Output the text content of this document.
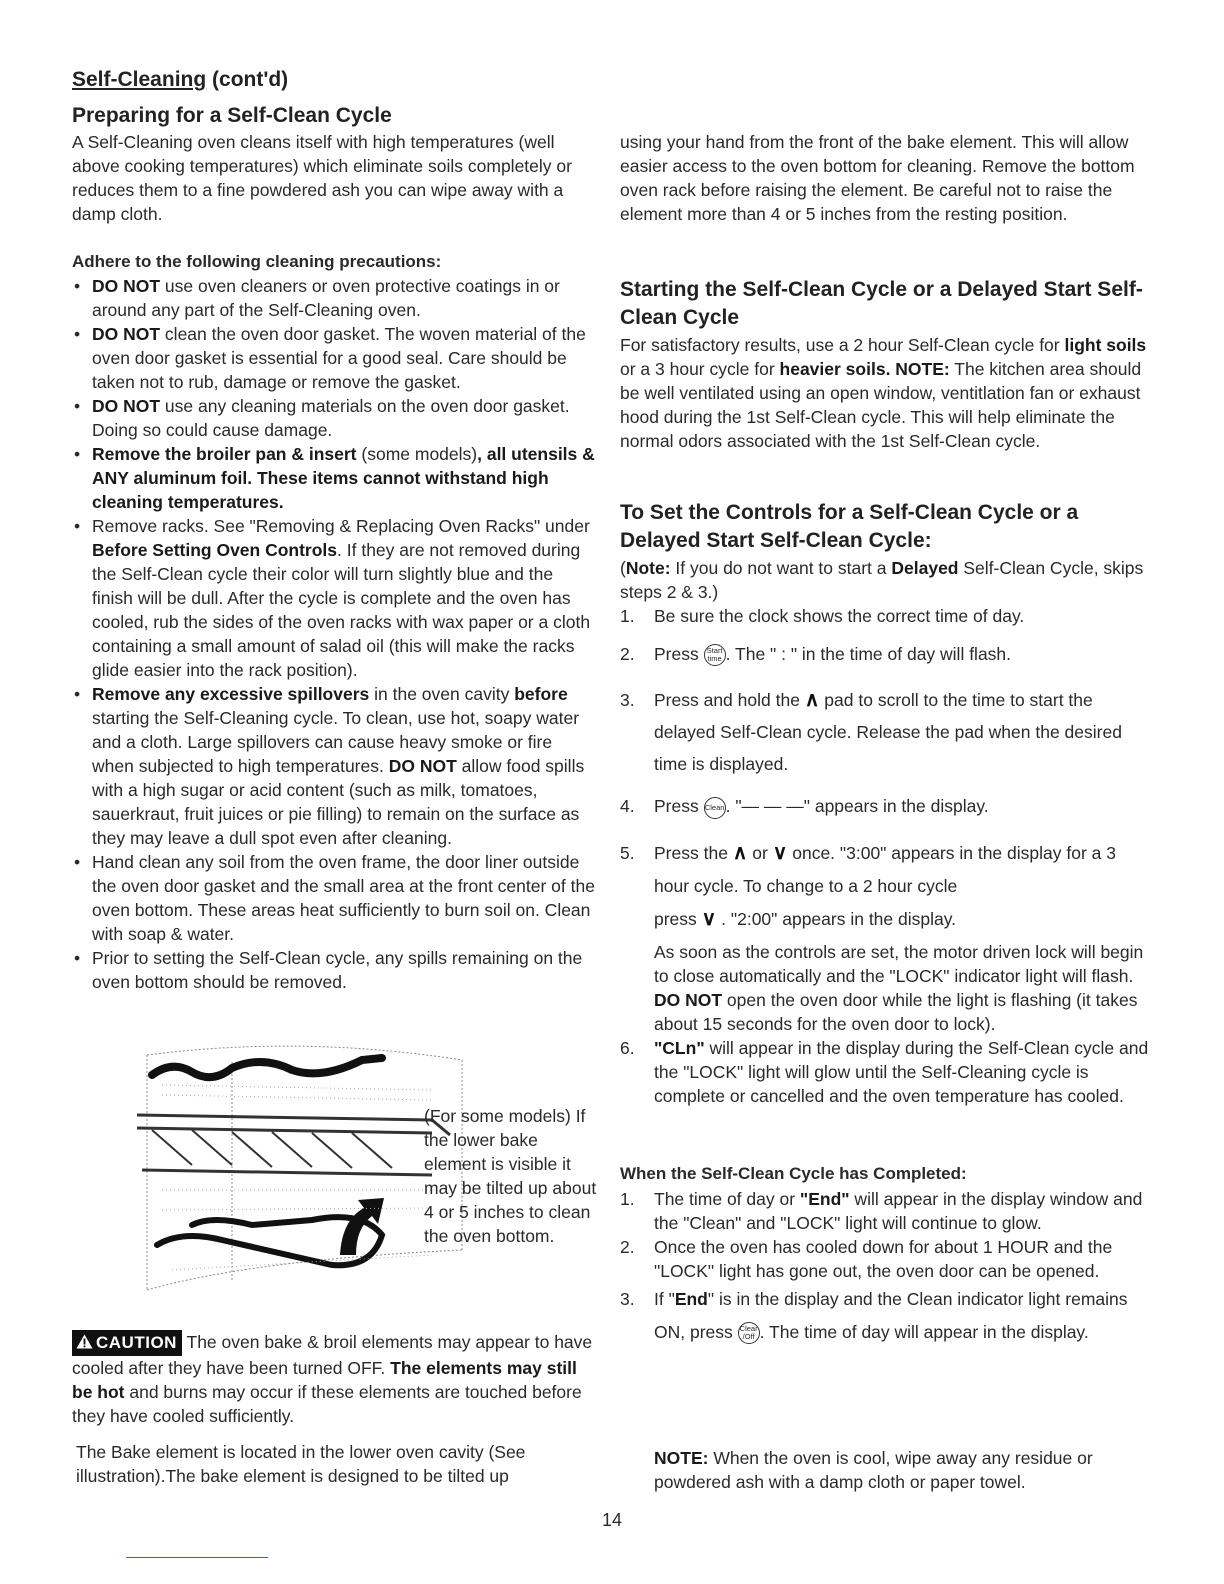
Self-Cleaning (cont'd)
Preparing for a Self-Clean Cycle

A Self-Cleaning oven cleans itself with high temperatures (well above cooking temperatures) which eliminate soils completely or reduces them to a fine powdered ash you can wipe away with a damp cloth.

Adhere to the following cleaning precautions:

• DO NOT use oven cleaners or oven protective coatings in or around any part of the Self-Cleaning oven.
• DO NOT clean the oven door gasket. The woven material of the oven door gasket is essential for a good seal. Care should be taken not to rub, damage or remove the gasket.
• DO NOT use any cleaning materials on the oven door gasket. Doing so could cause damage.
• Remove the broiler pan & insert (some models), all utensils & ANY aluminum foil. These items cannot withstand high cleaning temperatures.
• Remove racks. See "Removing & Replacing Oven Racks" under Before Setting Oven Controls. If they are not removed during the Self-Clean cycle their color will turn slightly blue and the finish will be dull. After the cycle is complete and the oven has cooled, rub the sides of the oven racks with wax paper or a cloth containing a small amount of salad oil (this will make the racks glide easier into the rack position).
• Remove any excessive spillovers in the oven cavity before starting the Self-Cleaning cycle. To clean, use hot, soapy water and a cloth. Large spillovers can cause heavy smoke or fire when subjected to high temperatures. DO NOT allow food spills with a high sugar or acid content (such as milk, tomatoes, sauerkraut, fruit juices or pie filling) to remain on the surface as they may leave a dull spot even after cleaning.
• Hand clean any soil from the oven frame, the door liner outside the oven door gasket and the small area at the front center of the oven bottom. These areas heat sufficiently to burn soil on. Clean with soap & water.
• Prior to setting the Self-Clean cycle, any spills remaining on the oven bottom should be removed.

(For some models) If the lower bake element is visible it may be tilted up about 4 or 5 inches to clean the oven bottom.

CAUTION The oven bake & broil elements may appear to have cooled after they have been turned OFF. The elements may still be hot and burns may occur if these elements are touched before they have cooled sufficiently.

The Bake element is located in the lower oven cavity (See illustration).The bake element is designed to be tilted up

using your hand from the front of the bake element. This will allow easier access to the oven bottom for cleaning. Remove the bottom oven rack before raising the element. Be careful not to raise the element more than 4 or 5 inches from the resting position.

Starting the Self-Clean Cycle or a Delayed Start Self-Clean Cycle

For satisfactory results, use a 2 hour Self-Clean cycle for light soils or a 3 hour cycle for heavier soils. NOTE: The kitchen area should be well ventilated using an open window, ventitlation fan or exhaust hood during the 1st Self-Clean cycle. This will help eliminate the normal odors associated with the 1st Self-Clean cycle.

To Set the Controls for a Self-Clean Cycle or a Delayed Start Self-Clean Cycle:

(Note: If you do not want to start a Delayed Self-Clean Cycle, skips steps 2 & 3.)

1. Be sure the clock shows the correct time of day.
2. Press Start time . The " : " in the time of day will flash.
3. Press and hold the ∧ pad to scroll to the time to start the delayed Self-Clean cycle. Release the pad when the desired time is displayed.
4. Press Clean. "— — —" appears in the display.
5. Press the ∧ or ∨ once. "3:00" appears in the display for a 3 hour cycle. To change to a 2 hour cycle
press ∨ . "2:00" appears in the display.
As soon as the controls are set, the motor driven lock will begin to close automatically and the "LOCK" indicator light will flash. DO NOT open the oven door while the light is flashing (it takes about 15 seconds for the oven door to lock).
6. "CLn" will appear in the display during the Self-Clean cycle and the "LOCK" light will glow until the Self-Cleaning cycle is complete or cancelled and the oven temperature has cooled.

When the Self-Clean Cycle has Completed:

1. The time of day or "End" will appear in the display window and the "Clean" and "LOCK" light will continue to glow.
2. Once the oven has cooled down for about 1 HOUR and the "LOCK" light has gone out, the oven door can be opened.
3. If "End" is in the display and the Clean indicator light remains ON, press Clear /Off . The time of day will appear in the display.

NOTE: When the oven is cool, wipe away any residue or powdered ash with a damp cloth or paper towel.

14
